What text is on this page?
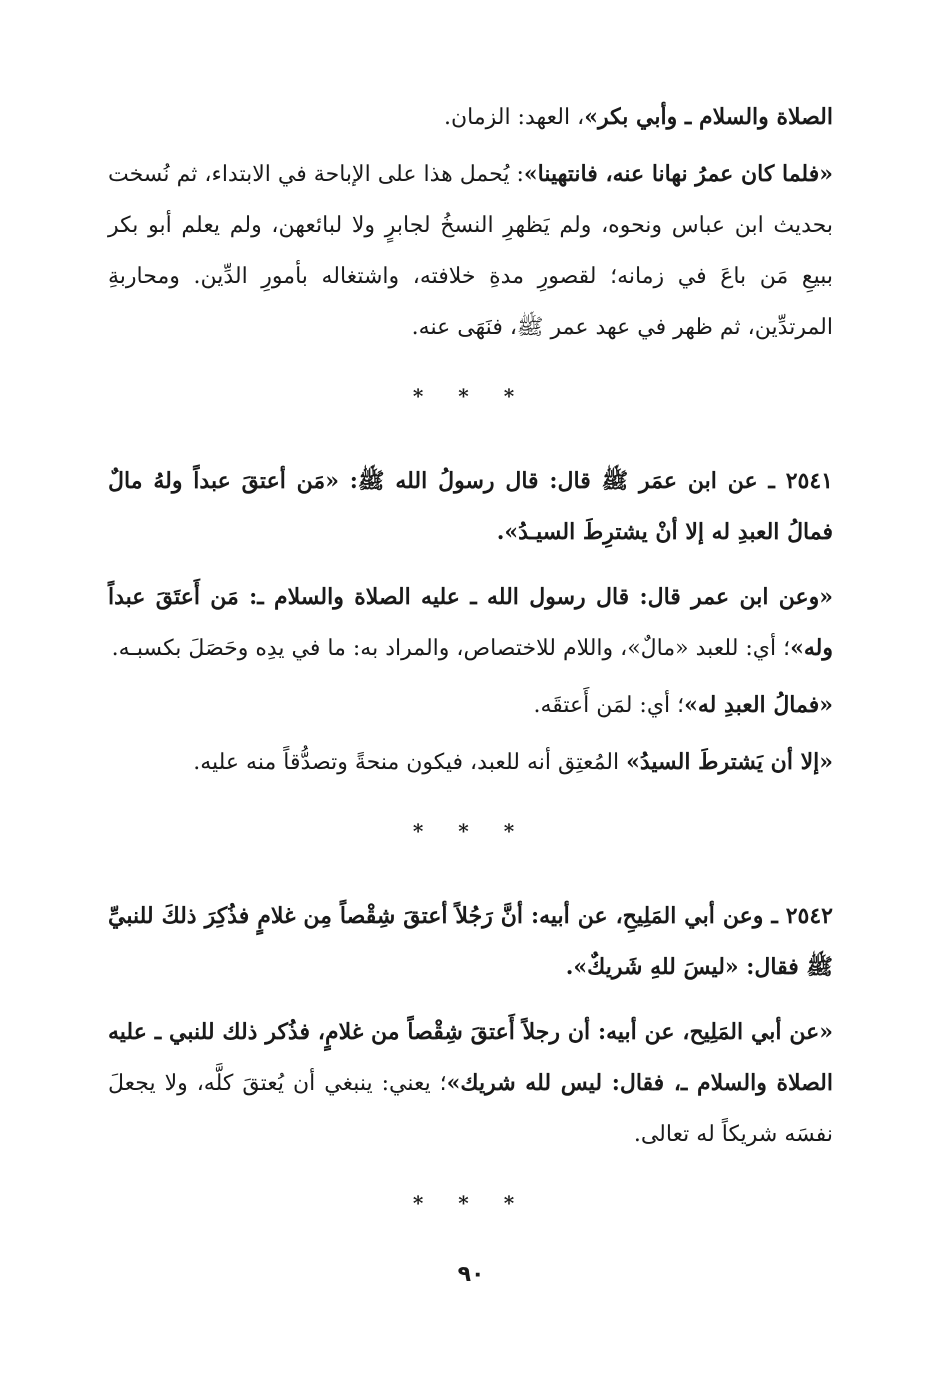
الصلاة والسلام ـ وأبي بكر»، العهد: الزمان.

«فلما كان عمرُ نهانا عنه، فانتهينا»: يُحمل هذا على الإباحة في الابتداء، ثم نُسخت بحديث ابن عباس ونحوه، ولم يَظهرِ النسخُ لجابرٍ ولا لبائعهن، ولم يعلم أبو بكر ببيعِ مَن باعَ في زمانه؛ لقصورِ مدةِ خلافته، واشتغاله بأمورِ الدِّين. ومحاربةِ المرتدِّين، ثم ظهر في عهد عمر ﷺ، فنَهَى عنه.

* * *

٢٥٤١ ـ عن ابن عمَر ﷺ قال: قال رسولُ الله ﷺ: «مَن أعتقَ عبداً ولهُ مالٌ فمالُ العبدِ له إلا أنْ يشترِطَ السيـدُ».

«وعن ابن عمر قال: قال رسول الله ـ عليه الصلاة والسلام ـ: مَن أَعتَقَ عبداً وله»؛ أي: للعبد «مالٌ»، واللام للاختصاص، والمراد به: ما في يدِه وحَصَلَ بكسبـه.

«فمالُ العبدِ له»؛ أي: لمَن أَعتقَه.

«إلا أن يَشترطَ السيدُ» المُعتِق أنه للعبد، فيكون منحةً وتصدُّقاً منه عليه.

* * *

٢٥٤٢ ـ وعن أبي المَلِيحِ، عن أبيه: أنَّ رَجُلاً أعتقَ شِقْصاً مِن غلامٍ فذُكِرَ ذلكَ للنبيِّ ﷺ فقال: «ليسَ للهِ شَريكٌ».

«عن أبي المَلِيح، عن أبيه: أن رجلاً أَعتقَ شِقْصاً من غلامٍ، فذُكر ذلك للنبي ـ عليه الصلاة والسلام ـ، فقال: ليس لله شريك»؛ يعني: ينبغي أن يُعتقَ كلَّه، ولا يجعلَ نفسَه شريكاً له تعالى.

* * *
٩٠
